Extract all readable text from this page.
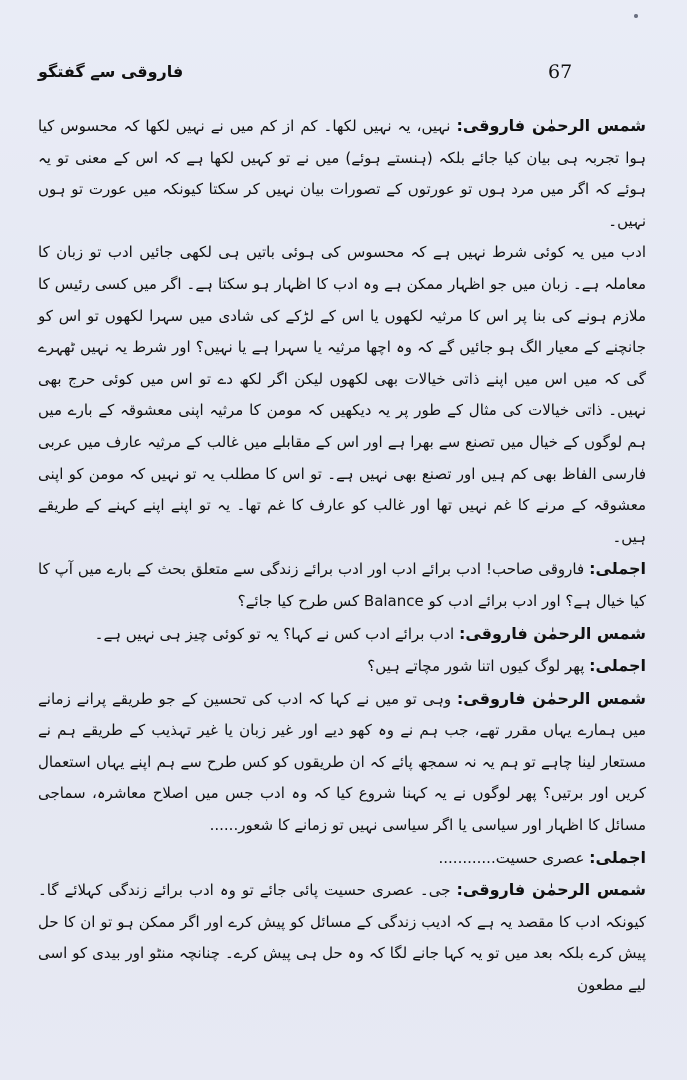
فاروقی سے گفتگو	67

شمس الرحمٰن فاروقی: نہیں، یہ نہیں لکھا۔ کم از کم میں نے نہیں لکھا کہ محسوس کیا ہوا تجربہ ہی بیان کیا جائے بلکہ (ہنستے ہوئے) میں نے تو کہیں لکھا ہے کہ اس کے معنی تو یہ ہوئے کہ اگر میں مرد ہوں تو عورتوں کے تصورات بیان نہیں کر سکتا کیونکہ میں عورت تو ہوں نہیں۔

ادب میں یہ کوئی شرط نہیں ہے کہ محسوس کی ہوئی باتیں ہی لکھی جائیں ادب تو زبان کا معاملہ ہے۔ زبان میں جو اظہار ممکن ہے وہ ادب کا اظہار ہو سکتا ہے۔ اگر میں کسی رئیس کا ملازم ہونے کی بنا پر اس کا مرثیہ لکھوں یا اس کے لڑکے کی شادی میں سہرا لکھوں تو اس کو جانچنے کے معیار الگ ہو جائیں گے کہ وہ اچھا مرثیہ یا سہرا ہے یا نہیں؟ اور شرط یہ نہیں ٹھہرے گی کہ میں اس میں اپنے ذاتی خیالات بھی لکھوں لیکن اگر لکھ دے تو اس میں کوئی حرج بھی نہیں۔ ذاتی خیالات کی مثال کے طور پر یہ دیکھیں کہ مومن کا مرثیہ اپنی معشوقہ کے بارے میں ہم لوگوں کے خیال میں تصنع سے بھرا ہے اور اس کے مقابلے میں غالب کے مرثیہ عارف میں عربی فارسی الفاظ بھی کم ہیں اور تصنع بھی نہیں ہے۔ تو اس کا مطلب یہ تو نہیں کہ مومن کو اپنی معشوقہ کے مرنے کا غم نہیں تھا اور غالب کو عارف کا غم تھا۔ یہ تو اپنے اپنے کہنے کے طریقے ہیں۔

اجملی: فاروقی صاحب! ادب برائے ادب اور ادب برائے زندگی سے متعلق بحث کے بارے میں آپ کا کیا خیال ہے؟ اور ادب برائے ادب کو Balance کس طرح کیا جائے؟

شمس الرحمٰن فاروقی: ادب برائے ادب کس نے کہا؟ یہ تو کوئی چیز ہی نہیں ہے۔

اجملی: پھر لوگ کیوں اتنا شور مچاتے ہیں؟

شمس الرحمٰن فاروقی: وہی تو میں نے کہا کہ ادب کی تحسین کے جو طریقے پرانے زمانے میں ہمارے یہاں مقرر تھے، جب ہم نے وہ کھو دیے اور غیر زبان یا غیر تہذیب کے طریقے ہم نے مستعار لینا چاہے تو ہم یہ نہ سمجھ پائے کہ ان طریقوں کو کس طرح سے ہم اپنے یہاں استعمال کریں اور برتیں؟ پھر لوگوں نے یہ کہنا شروع کیا کہ وہ ادب جس میں اصلاح معاشرہ، سماجی مسائل کا اظہار اور سیاسی یا اگر سیاسی نہیں تو زمانے کا شعور......

اجملی: عصری حسیت............

شمس الرحمٰن فاروقی: جی۔ عصری حسیت پائی جائے تو وہ ادب برائے زندگی کہلائے گا۔ کیونکہ ادب کا مقصد یہ ہے کہ ادیب زندگی کے مسائل کو پیش کرے اور اگر ممکن ہو تو ان کا حل پیش کرے بلکہ بعد میں تو یہ کہا جانے لگا کہ وہ حل ہی پیش کرے۔ چنانچہ منٹو اور بیدی کو اسی لیے مطعون
